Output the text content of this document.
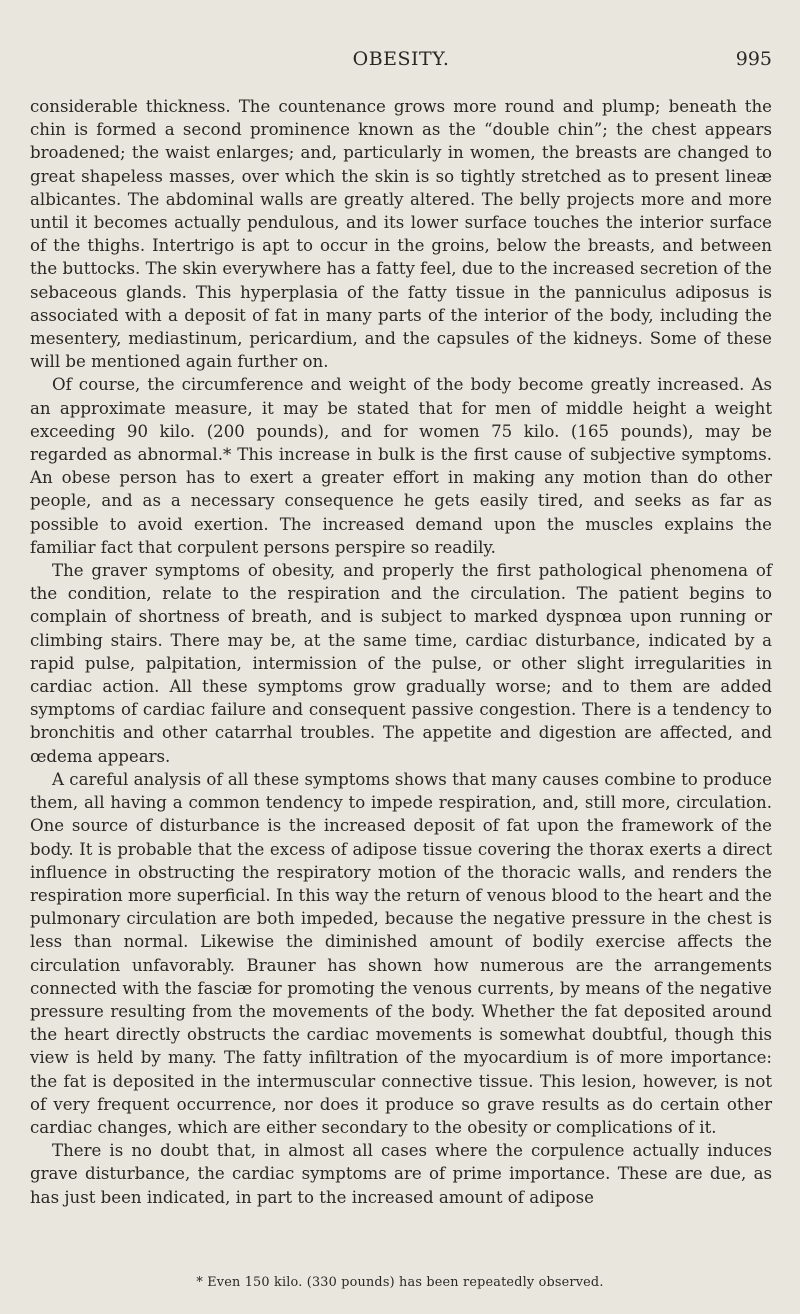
OBESITY.	995

considerable thickness. The countenance grows more round and plump; beneath the chin is formed a second prominence known as the “double chin”; the chest appears broadened; the waist enlarges; and, particularly in women, the breasts are changed to great shapeless masses, over which the skin is so tightly stretched as to present lineæ albicantes. The abdominal walls are greatly altered. The belly projects more and more until it becomes actually pendulous, and its lower surface touches the interior surface of the thighs. Intertrigo is apt to occur in the groins, below the breasts, and between the buttocks. The skin everywhere has a fatty feel, due to the increased secretion of the sebaceous glands. This hyperplasia of the fatty tissue in the panniculus adiposus is associated with a deposit of fat in many parts of the interior of the body, including the mesentery, mediastinum, pericardium, and the capsules of the kidneys. Some of these will be mentioned again further on.

Of course, the circumference and weight of the body become greatly increased. As an approximate measure, it may be stated that for men of middle height a weight exceeding 90 kilo. (200 pounds), and for women 75 kilo. (165 pounds), may be regarded as abnormal.* This increase in bulk is the first cause of subjective symptoms. An obese person has to exert a greater effort in making any motion than do other people, and as a necessary consequence he gets easily tired, and seeks as far as possible to avoid exertion. The increased demand upon the muscles explains the familiar fact that corpulent persons perspire so readily.

The graver symptoms of obesity, and properly the first pathological phenomena of the condition, relate to the respiration and the circulation. The patient begins to complain of shortness of breath, and is subject to marked dyspnœa upon running or climbing stairs. There may be, at the same time, cardiac disturbance, indicated by a rapid pulse, palpitation, intermission of the pulse, or other slight irregularities in cardiac action. All these symptoms grow gradually worse; and to them are added symptoms of cardiac failure and consequent passive congestion. There is a tendency to bronchitis and other catarrhal troubles. The appetite and digestion are affected, and œdema appears.

A careful analysis of all these symptoms shows that many causes combine to produce them, all having a common tendency to impede respiration, and, still more, circulation. One source of disturbance is the increased deposit of fat upon the framework of the body. It is probable that the excess of adipose tissue covering the thorax exerts a direct influence in obstructing the respiratory motion of the thoracic walls, and renders the respiration more superficial. In this way the return of venous blood to the heart and the pulmonary circulation are both impeded, because the negative pressure in the chest is less than normal. Likewise the diminished amount of bodily exercise affects the circulation unfavorably. Brauner has shown how numerous are the arrangements connected with the fasciæ for promoting the venous currents, by means of the negative pressure resulting from the movements of the body. Whether the fat deposited around the heart directly obstructs the cardiac movements is somewhat doubtful, though this view is held by many. The fatty infiltration of the myocardium is of more importance: the fat is deposited in the intermuscular connective tissue. This lesion, however, is not of very frequent occurrence, nor does it produce so grave results as do certain other cardiac changes, which are either secondary to the obesity or complications of it.

There is no doubt that, in almost all cases where the corpulence actually induces grave disturbance, the cardiac symptoms are of prime importance. These are due, as has just been indicated, in part to the increased amount of adipose

* Even 150 kilo. (330 pounds) has been repeatedly observed.
